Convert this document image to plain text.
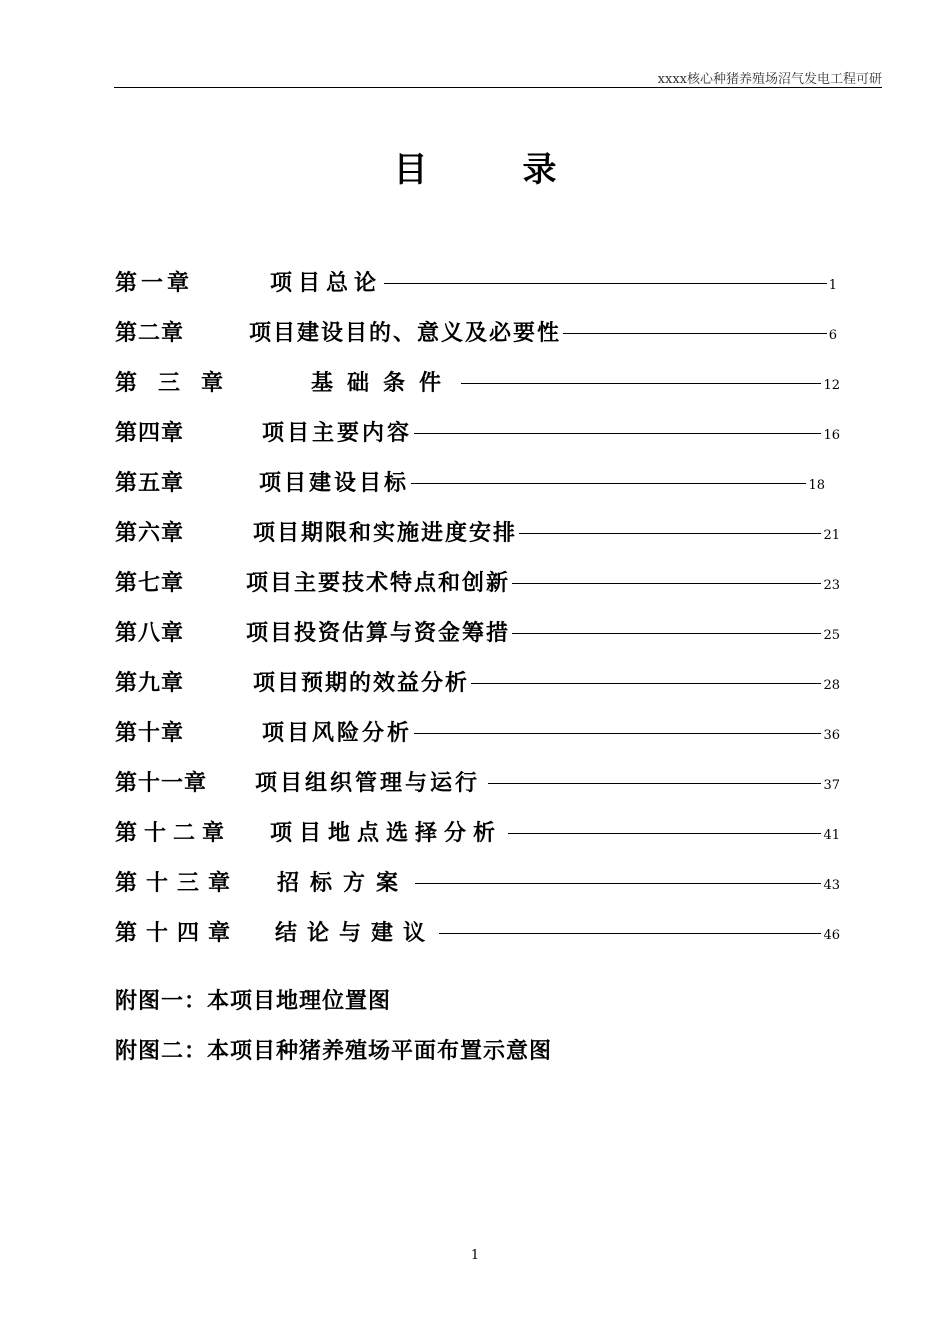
xxxx核心种猪养殖场沼气发电工程可研
目	录
第一章	项目总论	1
第二章	项目建设目的、意义及必要性	6
第三章	基础条件	12
第四章	项目主要内容	16
第五章	项目建设目标	18
第六章	项目期限和实施进度安排	21
第七章	项目主要技术特点和创新	23
第八章	项目投资估算与资金筹措	25
第九章	项目预期的效益分析	28
第十章	项目风险分析	36
第十一章	项目组织管理与运行	37
第十二章	项目地点选择分析	41
第十三章	招标方案	43
第十四章	结论与建议	46
附图一：本项目地理位置图
附图二：本项目种猪养殖场平面布置示意图
1
